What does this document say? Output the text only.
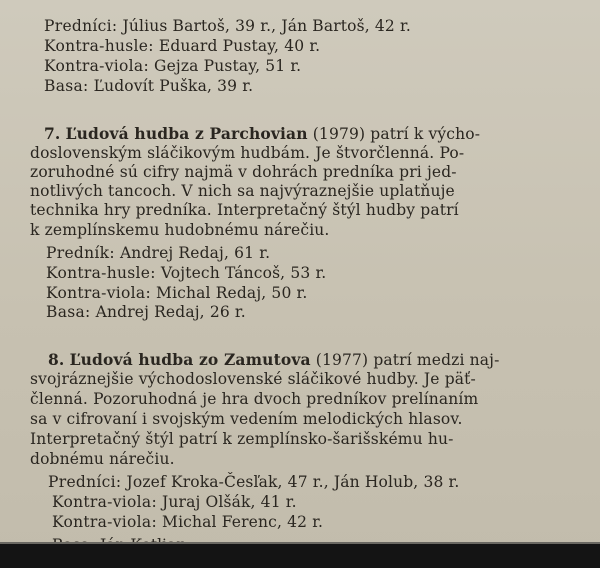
Predníci: Július Bartoš, 39 r., Ján Bartoš, 42 r.
Kontra-husle: Eduard Pustay, 40 r.
Kontra-viola: Gejza Pustay, 51 r.
Basa: Ľudovít Puška, 39 r.
7. Ľudová hudba z Parchovian (1979) patrí k výcho-
doslovenským sláčikovým hudbám. Je štvorčlenná. Po-
zoruhodné sú cifry najmä v dohrách predníka pri jed-
notlivých tancoch. V nich sa najvýraznejšie uplatňuje
technika hry predníka. Interpretačný štýl hudby patrí
k zemplínskemu hudobnému nárečiu.
Predník: Andrej Redaj, 61 r.
Kontra-husle: Vojtech Táncoš, 53 r.
Kontra-viola: Michal Redaj, 50 r.
Basa: Andrej Redaj, 26 r.
8. Ľudová hudba zo Zamutova (1977) patrí medzi naj-
svojráznejšie východoslovenské sláčikové hudby. Je päť-
členná. Pozoruhodná je hra dvoch predníkov prelínaním
sa v cifrovaní i svojským vedením melodických hlasov.
Interpretačný štýl patrí k zemplínsko-šarišskému hu-
dobnému nárečiu.
Predníci: Jozef Kroka-Česľak, 47 r., Ján Holub, 38 r.
Kontra-viola: Juraj Olšák, 41 r.
Kontra-viola: Michal Ferenc, 42 r.
